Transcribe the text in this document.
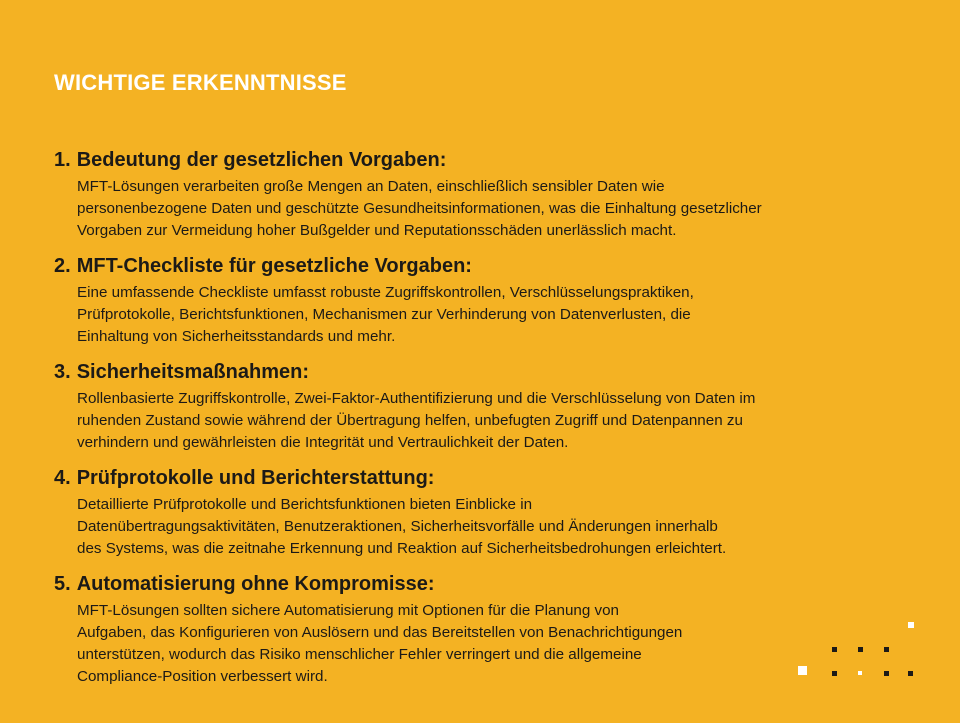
WICHTIGE ERKENNTNISSE
1. Bedeutung der gesetzlichen Vorgaben:
MFT-Lösungen verarbeiten große Mengen an Daten, einschließlich sensibler Daten wie
personenbezogene Daten und geschützte Gesundheitsinformationen, was die Einhaltung gesetzlicher
Vorgaben zur Vermeidung hoher Bußgelder und Reputationsschäden unerlässlich macht.
2. MFT-Checkliste für gesetzliche Vorgaben:
Eine umfassende Checkliste umfasst robuste Zugriffskontrollen, Verschlüsselungspraktiken,
Prüfprotokolle, Berichtsfunktionen, Mechanismen zur Verhinderung von Datenverlusten, die
Einhaltung von Sicherheitsstandards und mehr.
3. Sicherheitsmaßnahmen:
Rollenbasierte Zugriffskontrolle, Zwei-Faktor-Authentifizierung und die Verschlüsselung von Daten im
ruhenden Zustand sowie während der Übertragung helfen, unbefugten Zugriff und Datenpannen zu
verhindern und gewährleisten die Integrität und Vertraulichkeit der Daten.
4. Prüfprotokolle und Berichterstattung:
Detaillierte Prüfprotokolle und Berichtsfunktionen bieten Einblicke in
Datenübertragungsaktivitäten, Benutzeraktionen, Sicherheitsvorfälle und Änderungen innerhalb
des Systems, was die zeitnahe Erkennung und Reaktion auf Sicherheitsbedrohungen erleichtert.
5. Automatisierung ohne Kompromisse:
MFT-Lösungen sollten sichere Automatisierung mit Optionen für die Planung von
Aufgaben, das Konfigurieren von Auslösern und das Bereitstellen von Benachrichtigungen
unterstützen, wodurch das Risiko menschlicher Fehler verringert und die allgemeine
Compliance-Position verbessert wird.
